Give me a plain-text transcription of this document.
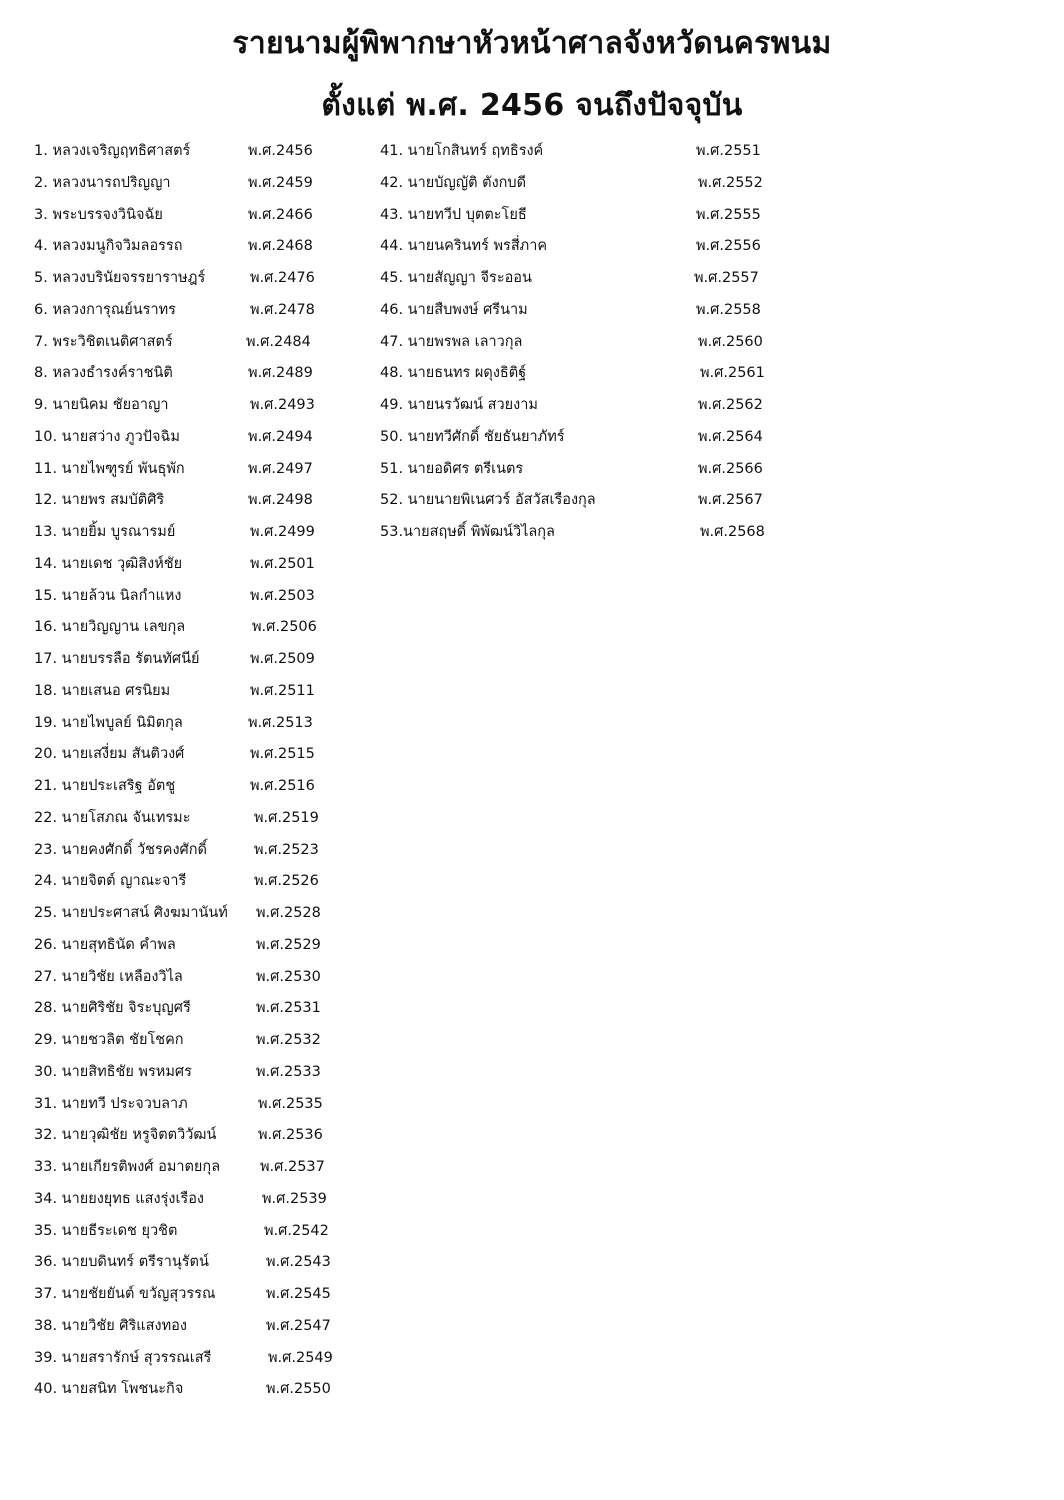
รายนามผู้พิพากษาหัวหน้าศาลจังหวัดนครพนม
ตั้งแต่ พ.ศ. 2456 จนถึงปัจจุบัน
1. หลวงเจริญฤทธิศาสตร์	พ.ศ.2456
2. หลวงนารถปริญญา	พ.ศ.2459
3. พระบรรจงวินิจฉัย	พ.ศ.2466
4. หลวงมนูกิจวิมลอรรถ	พ.ศ.2468
5. หลวงบรินัยจรรยาราษฎร์	พ.ศ.2476
6. หลวงการุณย์นราทร	พ.ศ.2478
7. พระวิชิตเนติศาสตร์	พ.ศ.2484
8. หลวงธำรงค์ราชนิติ	พ.ศ.2489
9. นายนิคม ชัยอาญา	พ.ศ.2493
10. นายสว่าง ภูวปัจฉิม	พ.ศ.2494
11. นายไพฑูรย์ พันธุพัก	พ.ศ.2497
12. นายพร สมบัติศิริ	พ.ศ.2498
13. นายยิ้ม บูรณารมย์	พ.ศ.2499
14. นายเดช วุฒิสิงห์ชัย	พ.ศ.2501
15. นายล้วน นิลกำแหง	พ.ศ.2503
16. นายวิญญาน เลขกุล	พ.ศ.2506
17. นายบรรลือ รัตนทัศนีย์	พ.ศ.2509
18. นายเสนอ ศรนิยม	พ.ศ.2511
19. นายไพบูลย์ นิมิตกุล	พ.ศ.2513
20. นายเสงี่ยม สันติวงศ์	พ.ศ.2515
21. นายประเสริฐ อัตชู	พ.ศ.2516
22. นายโสภณ จันเทรมะ	พ.ศ.2519
23. นายคงศักดิ์ วัชรคงศักดิ์	พ.ศ.2523
24. นายจิตต์ ญาณะจารี	พ.ศ.2526
25. นายประศาสน์ ศิงฆมานันท์ พ.ศ.2528
26. นายสุทธินัด คำพล	พ.ศ.2529
27. นายวิชัย เหลืองวิไล	พ.ศ.2530
28. นายศิริชัย จิระบุญศรี	พ.ศ.2531
29. นายชวลิต ชัยโชคก	พ.ศ.2532
30. นายสิทธิชัย พรหมศร	พ.ศ.2533
31. นายทวี ประจวบลาภ	พ.ศ.2535
32. นายวุฒิชัย หรูจิตตวิวัฒน์	พ.ศ.2536
33. นายเกียรติพงศ์ อมาตยกุล	พ.ศ.2537
34. นายยงยุทธ แสงรุ่งเรือง	พ.ศ.2539
35. นายธีระเดช ยุวชิต	พ.ศ.2542
36. นายบดินทร์ ตรีรานุรัตน์	พ.ศ.2543
37. นายชัยยันต์ ขวัญสุวรรณ	พ.ศ.2545
38. นายวิชัย ศิริแสงทอง	พ.ศ.2547
39. นายสรารักษ์ สุวรรณเสรี	พ.ศ.2549
40. นายสนิท โพชนะกิจ	พ.ศ.2550
41. นายโกสินทร์ ฤทธิรงค์	พ.ศ.2551
42. นายบัญญัติ ตังกบดี	พ.ศ.2552
43. นายทวีป บุตตะโยธี	พ.ศ.2555
44. นายนครินทร์ พรสี่ภาค	พ.ศ.2556
45. นายสัญญา จีระออน	พ.ศ.2557
46. นายสืบพงษ์ ศรีนาม	พ.ศ.2558
47. นายพรพล เลาวกุล	พ.ศ.2560
48. นายธนทร ผดุงธิติฐ์	พ.ศ.2561
49. นายนรวัฒน์ สวยงาม	พ.ศ.2562
50. นายทวีศักดิ์ ชัยธันยาภัทร์	พ.ศ.2564
51. นายอดิศร ตรีเนตร	พ.ศ.2566
52. นายนายพิเนศวร์ อัสวัสเรืองกุล	พ.ศ.2567
53.นายสฤษดิ์ พิพัฒน์วิไลกุล	พ.ศ.2568
